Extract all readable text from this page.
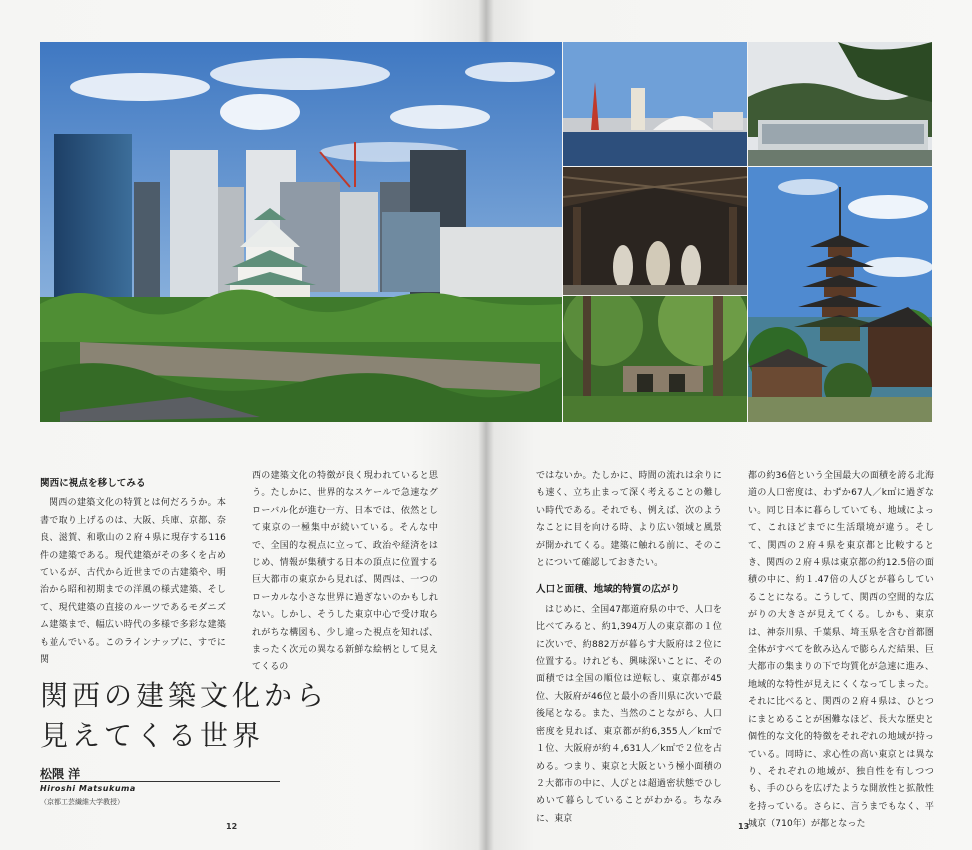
関西に視点を移してみる

関西の建築文化の特質とは何だろうか。本書で取り上げるのは、大阪、兵庫、京都、奈良、滋賀、和歌山の２府４県に現存する116件の建築である。現代建築がその多くを占めているが、古代から近世までの古建築や、明治から昭和初期までの洋風の様式建築、そして、現代建築の直接のルーツであるモダニズム建築まで、幅広い時代の多様で多彩な建築も並んでいる。このラインナップに、すでに関

西の建築文化の特徴が良く現われていると思う。たしかに、世界的なスケールで急速なグローバル化が進む一方、日本では、依然として東京の一極集中が続いている。そんな中で、全国的な視点に立って、政治や経済をはじめ、情報が集積する日本の頂点に位置する巨大都市の東京から見れば、関西は、一つのローカルな小さな世界に過ぎないのかもしれない。しかし、そうした東京中心で受け取られがちな構図も、少し違った視点を知れば、まったく次元の異なる新鮮な絵柄として見えてくるの

関西の建築文化から
見えてくる世界
松隈 洋
Hiroshi Matsukuma
（京都工芸繊維大学教授）
12

ではないか。たしかに、時間の流れは余りにも速く、立ち止まって深く考えることの難しい時代である。それでも、例えば、次のようなことに目を向ける時、より広い領域と風景が開かれてくる。建築に触れる前に、そのことについて確認しておきたい。

人口と面積、地域的特質の広がり

はじめに、全国47都道府県の中で、人口を比べてみると、約1,394万人の東京都の１位に次いで、約882万が暮らす大阪府は２位に位置する。けれども、興味深いことに、その面積では全国の順位は逆転し、東京都が45位、大阪府が46位と最小の香川県に次いで最後尾となる。また、当然のことながら、人口密度を見れば、東京都が約6,355人／k㎡で１位、大阪府が約４,631人／k㎡で２位を占める。つまり、東京と大阪という極小面積の２大都市の中に、人びとは超過密状態でひしめいて暮らしていることがわかる。ちなみに、東京

都の約36倍という全国最大の面積を誇る北海道の人口密度は、わずか67人／k㎡に過ぎない。同じ日本に暮らしていても、地域によって、これほどまでに生活環境が違う。そして、関西の２府４県を東京都と比較するとき、関西の２府４県は東京都の約12.5倍の面積の中に、約１.47倍の人びとが暮らしていることになる。こうして、関西の空間的な広がりの大きさが見えてくる。しかも、東京は、神奈川県、千葉県、埼玉県を含む首都圏全体がすべてを飲み込んで膨らんだ結果、巨大都市の集まりの下で均質化が急速に進み、地域的な特性が見えにくくなってしまった。それに比べると、関西の２府４県は、ひとつにまとめることが困難なほど、長大な歴史と個性的な文化的特徴をそれぞれの地域が持っている。同時に、求心性の高い東京とは異なり、それぞれの地域が、独自性を有しつつも、手のひらを広げたような開放性と拡散性を持っている。さらに、言うまでもなく、平城京（710年）が都となった

13
